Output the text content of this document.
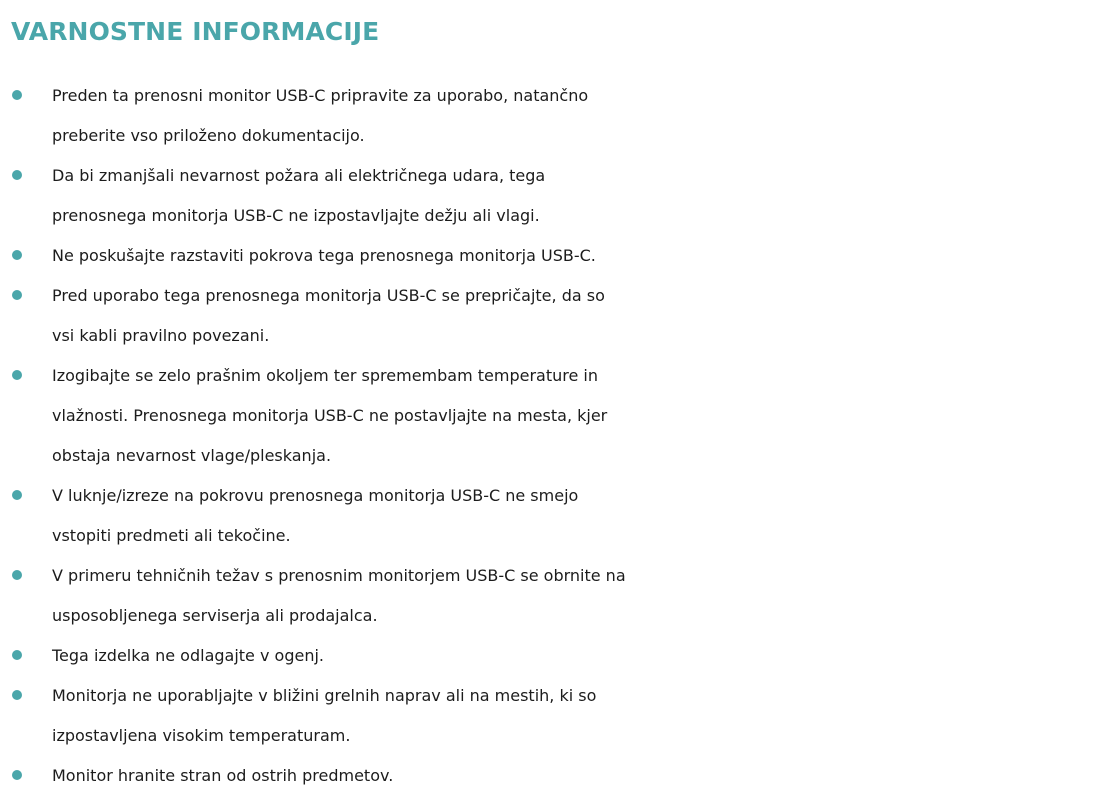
VARNOSTNE INFORMACIJE
Preden ta prenosni monitor USB-C pripravite za uporabo, natančno
preberite vso priloženo dokumentacijo.
Da bi zmanjšali nevarnost požara ali električnega udara, tega
prenosnega monitorja USB-C ne izpostavljajte dežju ali vlagi.
Ne poskušajte razstaviti pokrova tega prenosnega monitorja USB-C.
Pred uporabo tega prenosnega monitorja USB-C se prepričajte, da so
vsi kabli pravilno povezani.
Izogibajte se zelo prašnim okoljem ter spremembam temperature in
vlažnosti. Prenosnega monitorja USB-C ne postavljajte na mesta, kjer
obstaja nevarnost vlage/pleskanja.
V luknje/izreze na pokrovu prenosnega monitorja USB-C ne smejo
vstopiti predmeti ali tekočine.
V primeru tehničnih težav s prenosnim monitorjem USB-C se obrnite na
usposobljenega serviserja ali prodajalca.
Tega izdelka ne odlagajte v ogenj.
Monitorja ne uporabljajte v bližini grelnih naprav ali na mestih, ki so
izpostavljena visokim temperaturam.
Monitor hranite stran od ostrih predmetov.
